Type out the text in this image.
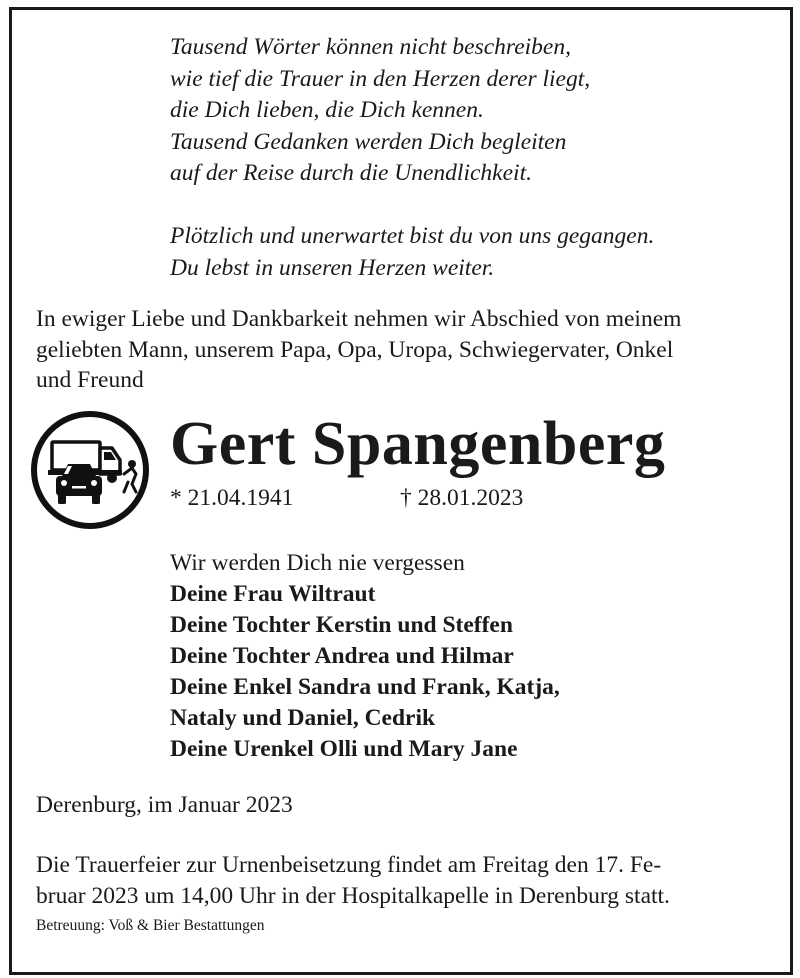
Tausend Wörter können nicht beschreiben,
wie tief die Trauer in den Herzen derer liegt,
die Dich lieben, die Dich kennen.
Tausend Gedanken werden Dich begleiten
auf der Reise durch die Unendlichkeit.
Plötzlich und unerwartet bist du von uns gegangen.
Du lebst in unseren Herzen weiter.
In ewiger Liebe und Dankbarkeit nehmen wir Abschied von meinem
geliebten Mann, unserem Papa, Opa, Uropa, Schwiegervater, Onkel
und Freund
Gert Spangenberg
* 21.04.1941	† 28.01.2023
Wir werden Dich nie vergessen
Deine Frau Wiltraut
Deine Tochter Kerstin und Steffen
Deine Tochter Andrea und Hilmar
Deine Enkel Sandra und Frank, Katja,
Nataly und Daniel, Cedrik
Deine Urenkel Olli und Mary Jane
Derenburg, im Januar 2023
Die Trauerfeier zur Urnenbeisetzung findet am Freitag den 17. Fe-
bruar 2023 um 14,00 Uhr in der Hospitalkapelle in Derenburg statt.
Betreuung: Voß & Bier Bestattungen
